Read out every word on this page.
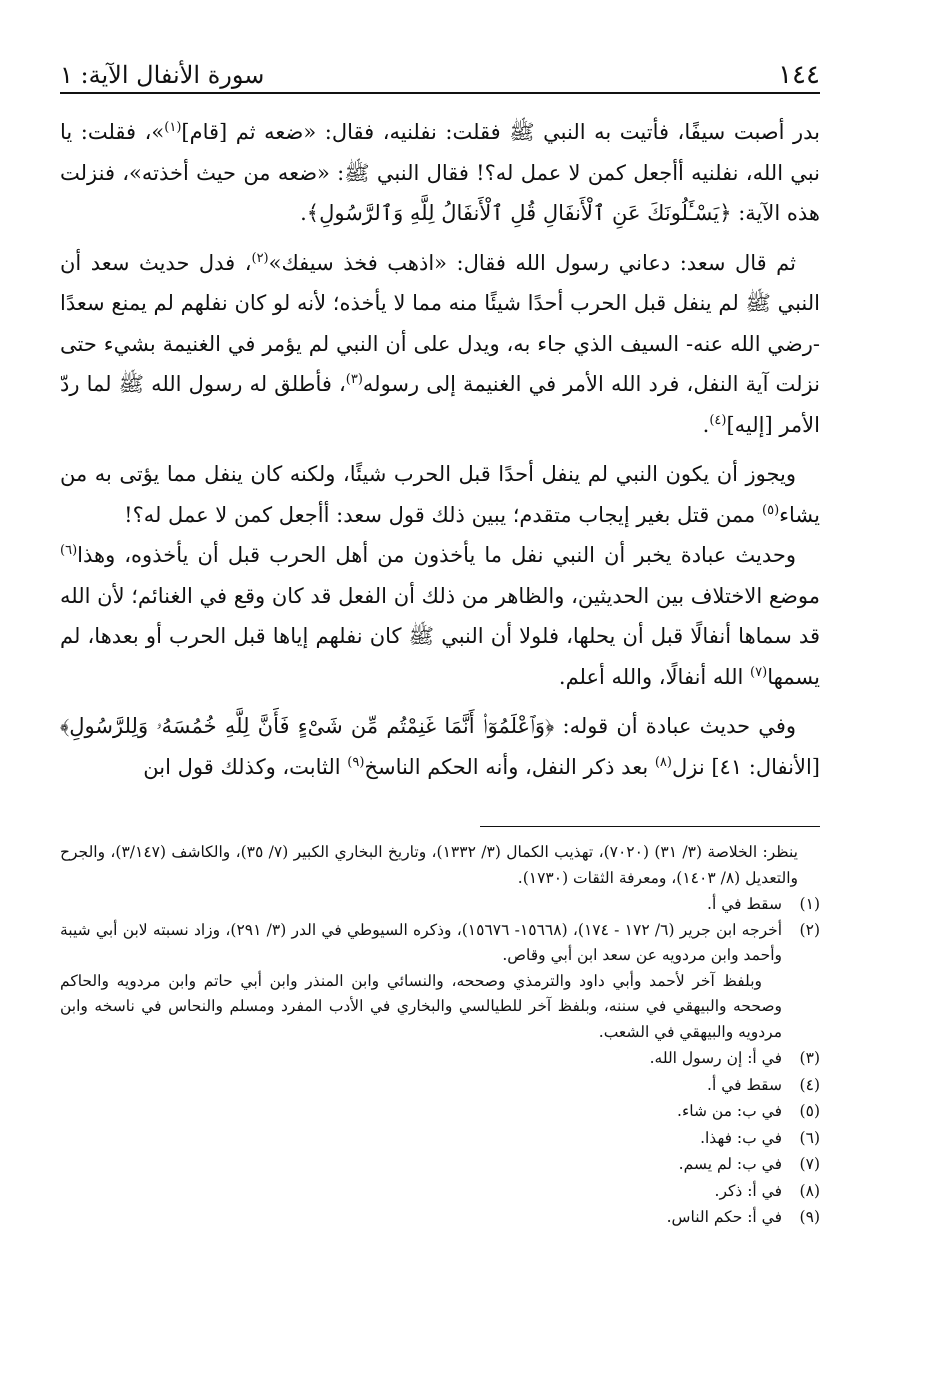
١٤٤
سورة الأنفال الآية: ١

بدر أصبت سيفًا، فأتيت به النبي ﷺ فقلت: نفلنيه، فقال: «ضعه ثم [قام]$^{(١)}$»، فقلت: يا نبي الله، نفلنيه أأجعل كمن لا عمل له؟! فقال النبي ﷺ: «ضعه من حيث أخذته»، فنزلت هذه الآية: ﴿يَسْـَٔلُونَكَ عَنِ ٱلْأَنفَالِ قُلِ ٱلْأَنفَالُ لِلَّهِ وَٱلرَّسُولِ﴾.

ثم قال سعد: دعاني رسول الله فقال: «اذهب فخذ سيفك»$^{(٢)}$، فدل حديث سعد أن النبي ﷺ لم ينفل قبل الحرب أحدًا شيئًا منه مما لا يأخذه؛ لأنه لو كان نفلهم لم يمنع سعدًا -رضي الله عنه- السيف الذي جاء به، ويدل على أن النبي لم يؤمر في الغنيمة بشيء حتى نزلت آية النفل، فرد الله الأمر في الغنيمة إلى رسوله$^{(٣)}$، فأطلق له رسول الله ﷺ لما ردّ الأمر [إليه]$^{(٤)}$.

ويجوز أن يكون النبي لم ينفل أحدًا قبل الحرب شيئًا، ولكنه كان ينفل مما يؤتى به من يشاء$^{(٥)}$ ممن قتل بغير إيجاب متقدم؛ يبين ذلك قول سعد: أأجعل كمن لا عمل له؟!

وحديث عبادة يخبر أن النبي نفل ما يأخذون من أهل الحرب قبل أن يأخذوه، وهذا$^{(٦)}$ موضع الاختلاف بين الحديثين، والظاهر من ذلك أن الفعل قد كان وقع في الغنائم؛ لأن الله قد سماها أنفالًا قبل أن يحلها، فلولا أن النبي ﷺ كان نفلهم إياها قبل الحرب أو بعدها، لم يسمها$^{(٧)}$ الله أنفالًا، والله أعلم.

وفي حديث عبادة أن قوله: ﴿وَٱعْلَمُوٓا۟ أَنَّمَا غَنِمْتُم مِّن شَىْءٍ فَأَنَّ لِلَّهِ خُمُسَهُۥ وَلِلرَّسُولِ﴾ [الأنفال: ٤١] نزل$^{(٨)}$ بعد ذكر النفل، وأنه الحكم الناسخ$^{(٩)}$ الثابت، وكذلك قول ابن

ينظر: الخلاصة (٣/ ٣١) (٧٠٢٠)، تهذيب الكمال (٣/ ١٣٣٢)، وتاريخ البخاري الكبير (٧/ ٣٥)، والكاشف (٣/١٤٧)، والجرح والتعديل (٨/ ١٤٠٣)، ومعرفة الثقات (١٧٣٠).
(١)
سقط في أ.
(٢)
أخرجه ابن جرير (٦/ ١٧٢ - ١٧٤)، (١٥٦٦٨- ١٥٦٧٦)، وذكره السيوطي في الدر (٣/ ٢٩١)، وزاد نسبته لابن أبي شيبة وأحمد وابن مردويه عن سعد ابن أبي وقاص.
وبلفظ آخر لأحمد وأبي داود والترمذي وصححه، والنسائي وابن المنذر وابن أبي حاتم وابن مردويه والحاكم وصححه والبيهقي في سننه، وبلفظ آخر للطيالسي والبخاري في الأدب المفرد ومسلم والنحاس في ناسخه وابن مردويه والبيهقي في الشعب.
(٣)
في أ: إن رسول الله.
(٤)
سقط في أ.
(٥)
في ب: من شاء.
(٦)
في ب: فهذا.
(٧)
في ب: لم يسم.
(٨)
في أ: ذكر.
(٩)
في أ: حكم الناس.
